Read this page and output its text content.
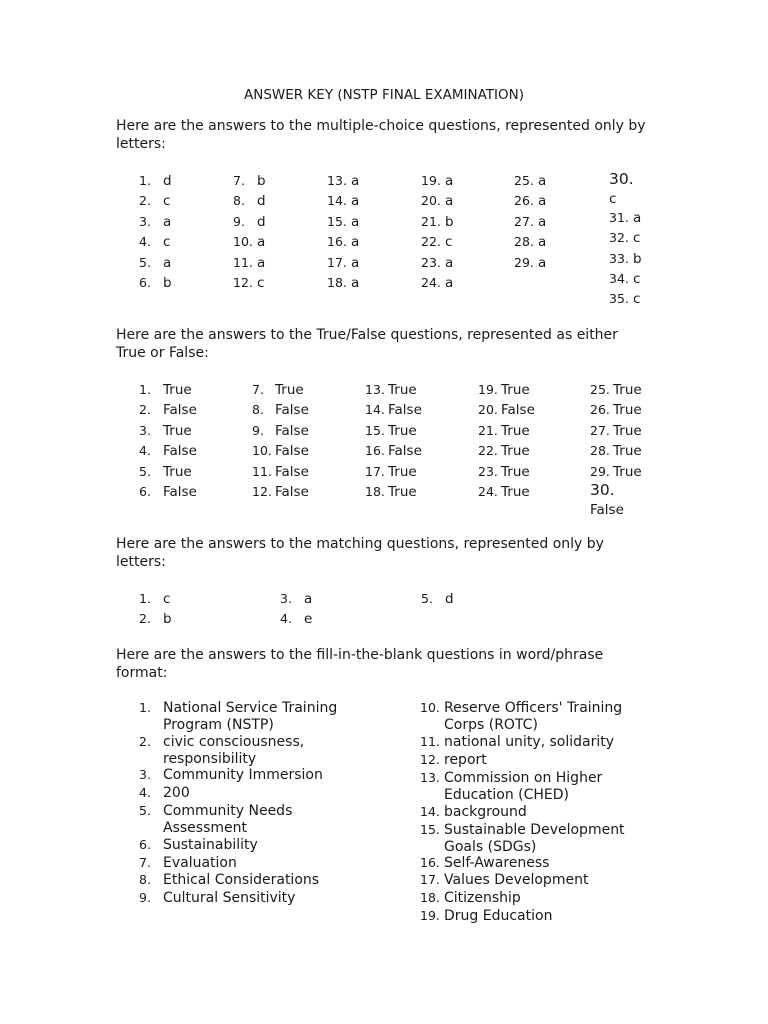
ANSWER KEY (NSTP FINAL EXAMINATION)
Here are the answers to the multiple-choice questions, represented only by letters:
1. d
2. c
3. a
4. c
5. a
6. b
7. b
8. d
9. d
10. a
11. a
12. c
13. a
14. a
15. a
16. a
17. a
18. a
19. a
20. a
21. b
22. c
23. a
24. a
25. a
26. a
27. a
28. a
29. a
30.
c
31. a
32. c
33. b
34. c
35. c
Here are the answers to the True/False questions, represented as either True or False:
1. True
2. False
3. True
4. False
5. True
6. False
7. True
8. False
9. False
10. False
11. False
12. False
13. True
14. False
15. True
16. False
17. True
18. True
19. True
20. False
21. True
22. True
23. True
24. True
25. True
26. True
27. True
28. True
29. True
30.
False
Here are the answers to the matching questions, represented only by letters:
1. c
2. b
3. a
4. e
5. d
Here are the answers to the fill-in-the-blank questions in word/phrase format:
1. National Service Training Program (NSTP)
2. civic consciousness, responsibility
3. Community Immersion
4. 200
5. Community Needs Assessment
6. Sustainability
7. Evaluation
8. Ethical Considerations
9. Cultural Sensitivity
10. Reserve Officers' Training Corps (ROTC)
11. national unity, solidarity
12. report
13. Commission on Higher Education (CHED)
14. background
15. Sustainable Development Goals (SDGs)
16. Self-Awareness
17. Values Development
18. Citizenship
19. Drug Education
